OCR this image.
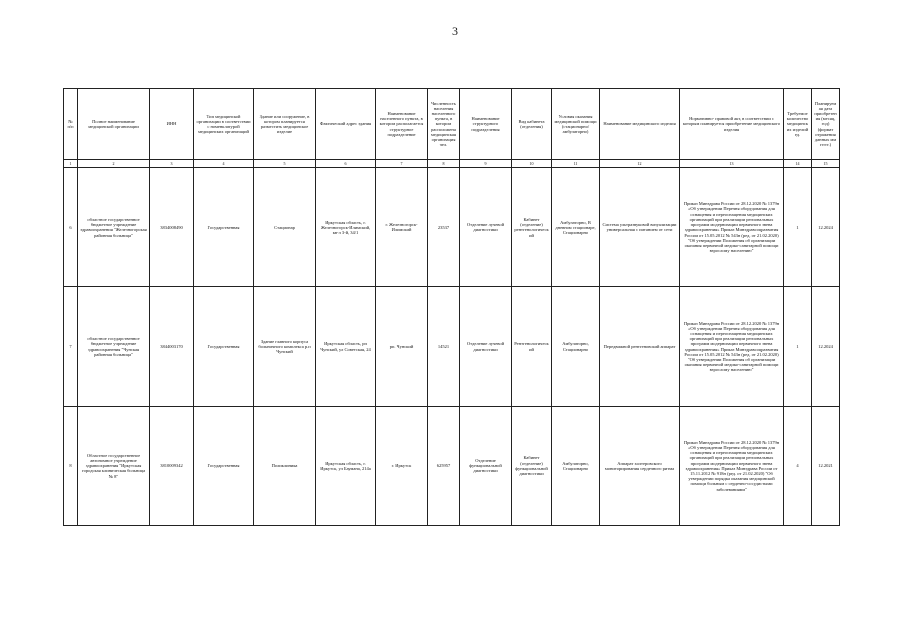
3
№ п/п	Полное наименование медицинской организации	ИНН	Тип медицинской организации в соответствии с номенклатурой медицинских организаций	Здание или сооружение, в котором планируется разместить медицинское изделие	Фактический адрес здания	Наименование населенного пункта, в котором располагается структурное подразделение	Численность населения населенного пункта, в котором расположена медицинская организация чел.	Наименование структурного подразделения	Вид кабинета (отделения)	Условия оказания медицинской помощи (стационарно/амбулаторно)	Наименование медицинского изделия	Нормативно- правовой акт, в соответствии с которым планируется приобретение медицинского изделия	Требуемое количество медицинских изделий ед.	Планируемая дата приобретения (месяц, год) (формат отражения данных мм ггггг.)
1	2	3	4	5	6	7	8	9	10	11	12	13	14	15
6	областное государственное бюджетное учреждение здравоохранения "Железногорская районная больница"	3834008490	Государственная	Стационар	Иркутская область, г. Железногорск-Илимский, кв-л 3-й, 34/1	г. Железногорск-Илимский	23537	Отделение лучевой диагностики	Кабинет (отделение) рентгенологический	Амбулаторно, В дневном стационаре, Стационарно	Система ультразвуковой визуализации универсальная с питанием от сети	Приказ Минздрава России от 28.12.2020 № 1379н «Об утверждении Перечня оборудования для оснащения и переоснащения медицинских организаций при реализации региональных программ модернизации первичного звена здравоохранения» Приказ Минздравсоцразвития России от 15.05.2012 № 543н (ред. от 21.02.2020) "Об утверждении Положения об организации оказания первичной медико-санитарной помощи взрослому населению"	1	12.2024
7	областное государственное бюджетное учреждение здравоохранения "Чунская районная больница"	3844003170	Государственная	Здание главного корпуса больничного комплекса р.п Чунский	Иркутская область, рп Чунский, ул Советская, 24	рп. Чунский	14521	Отделение лучевой диагностики	Рентгенологический	Амбулаторно, Стационарно	Передвижной рентгеновский аппарат	Приказ Минздрава России от 28.12.2020 № 1379н «Об утверждении Перечня оборудования для оснащения и переоснащения медицинских организаций при реализации региональных программ модернизации первичного звена здравоохранения» Приказ Минздравсоцразвития России от 15.05.2012 № 543н (ред. от 21.02.2020) "Об утверждении Положения об организации оказания первичной медико-санитарной помощи взрослому населению"	1	12.2024
8	Областное государственное автономное учреждение здравоохранения "Иркутская городская клиническая больница № 8"	3810009342	Государственная	Поликлиника	Иркутская область, г. Иркутск, ул Баумана, 214а	г. Иркутск	625957	Отделение функциональной диагностики	Кабинет (отделение) функциональной диагностики	Амбулаторно, Стационарно	Аппарат холтеровского мониторирования сердечного ритма	Приказ Минздрава России от 28.12.2020 № 1379н «Об утверждении Перечня оборудования для оснащения и переоснащения медицинских организаций при реализации региональных программ модернизации первичного звена здравоохранения» Приказ Минздрава России от 15.11.2012 № 918н (ред. от 21.02.2020) "Об утверждении порядка оказания медицинской помощи больным с сердечно-сосудистыми заболеваниями"	4	12.2021
